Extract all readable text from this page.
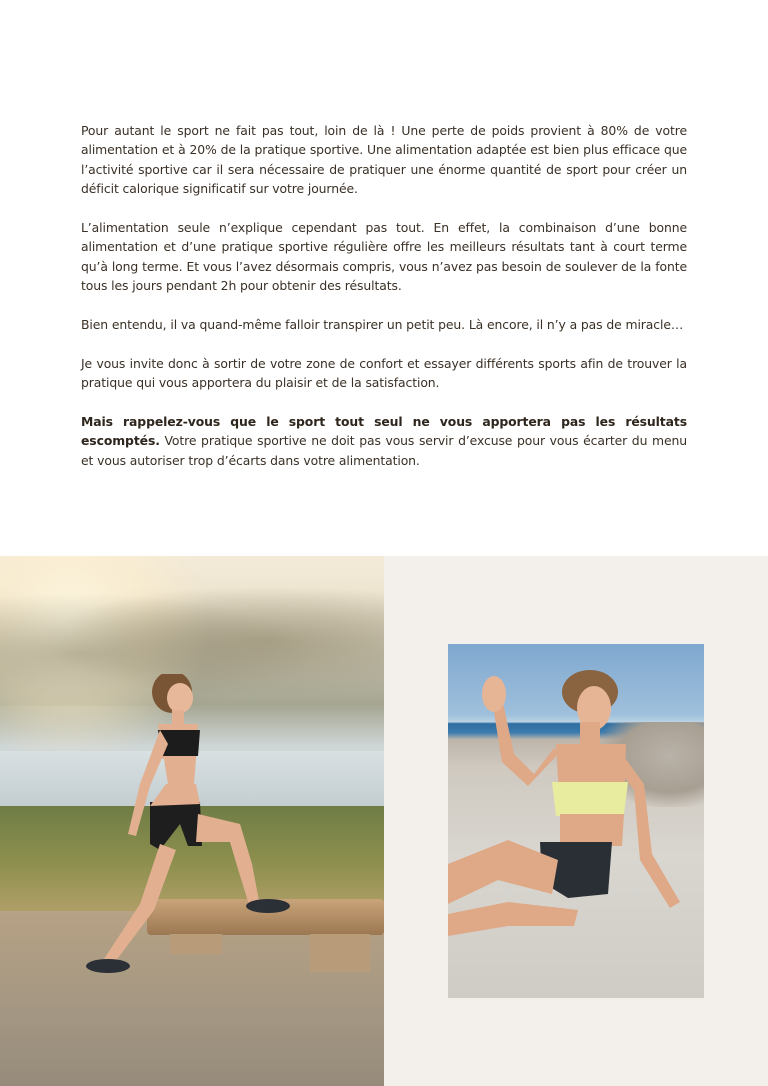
Pour autant le sport ne fait pas tout, loin de là ! Une perte de poids provient à 80% de votre alimentation et à 20% de la pratique sportive. Une alimentation adaptée est bien plus efficace que l’activité sportive car il sera nécessaire de pratiquer une énorme quantité de sport pour créer un déficit calorique significatif sur votre journée.

L’alimentation seule n’explique cependant pas tout. En effet, la combinaison d’une bonne alimentation et d’une pratique sportive régulière offre les meilleurs résultats tant à court terme qu’à long terme. Et vous l’avez désormais compris, vous n’avez pas besoin de soulever de la fonte tous les jours pendant 2h pour obtenir des résultats.

Bien entendu, il va quand-même falloir transpirer un petit peu. Là encore, il n’y a pas de miracle…

Je vous invite donc à sortir de votre zone de confort et essayer différents sports afin de trouver la pratique qui vous apportera du plaisir et de la satisfaction.

Mais rappelez-vous que le sport tout seul ne vous apportera pas les résultats escomptés. Votre pratique sportive ne doit pas vous servir d’excuse pour vous écarter du menu et vous autoriser trop d’écarts dans votre alimentation.
